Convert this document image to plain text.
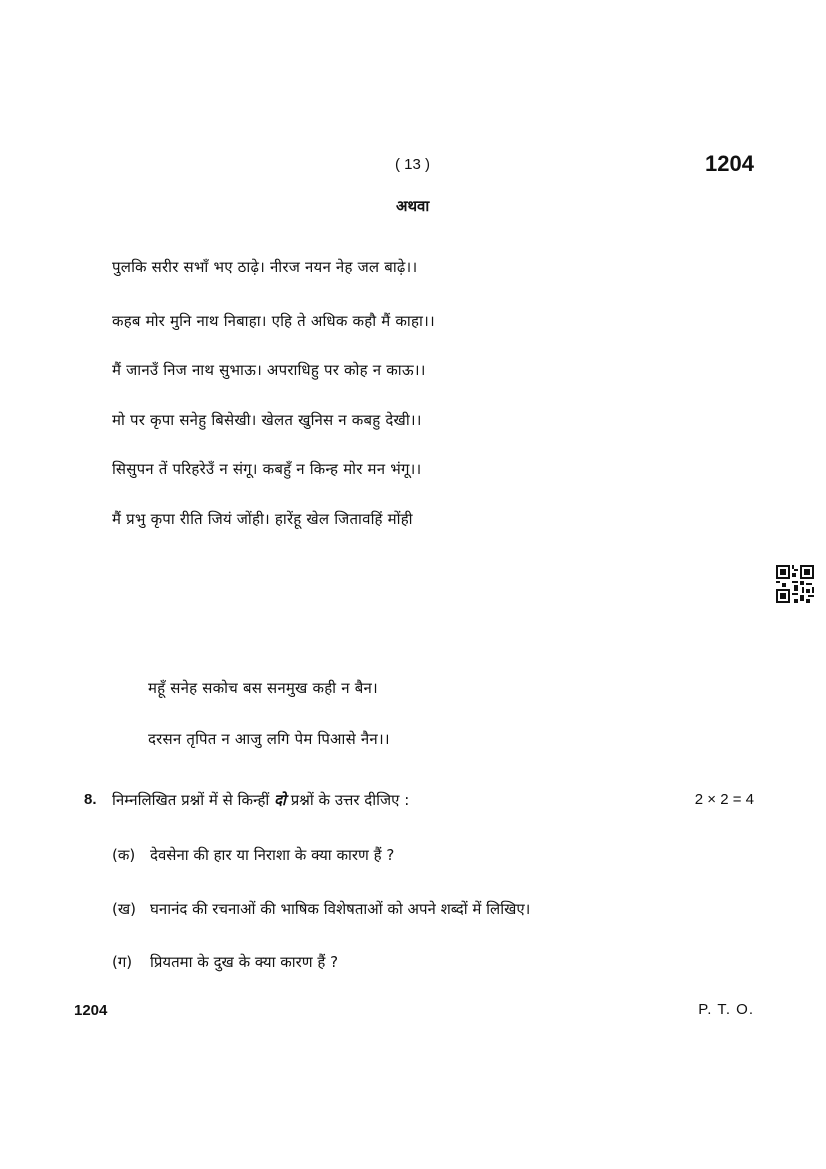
( 13 )	1204
अथवा
पुलकि सरीर सभाँ भए ठाढ़े। नीरज नयन नेह जल बाढ़े।।
कहब मोर मुनि नाथ निबाहा। एहि ते अधिक कहौ मैं काहा।।
मैं जानउँ निज नाथ सुभाऊ। अपराधिहु पर कोह न काऊ।।
मो पर कृपा सनेहु बिसेखी। खेलत खुनिस न कबहु देखी।।
सिसुपन तें परिहरेउँ न संगू। कबहुँ न किन्ह मोर मन भंगू।।
मैं प्रभु कृपा रीति जियं जोंही। हारेंहू खेल जितावहिं मोंही
महूँ सनेह सकोच बस सनमुख कही न बैन।
दरसन तृपित न आजु लगि पेम पिआसे नैन।।
8. निम्नलिखित प्रश्नों में से किन्हीं दो प्रश्नों के उत्तर दीजिए :	2 × 2 = 4
(क) देवसेना की हार या निराशा के क्या कारण हैं ?
(ख) घनानंद की रचनाओं की भाषिक विशेषताओं को अपने शब्दों में लिखिए।
(ग) प्रियतमा के दुख के क्या कारण हैं ?
1204	P. T. O.
